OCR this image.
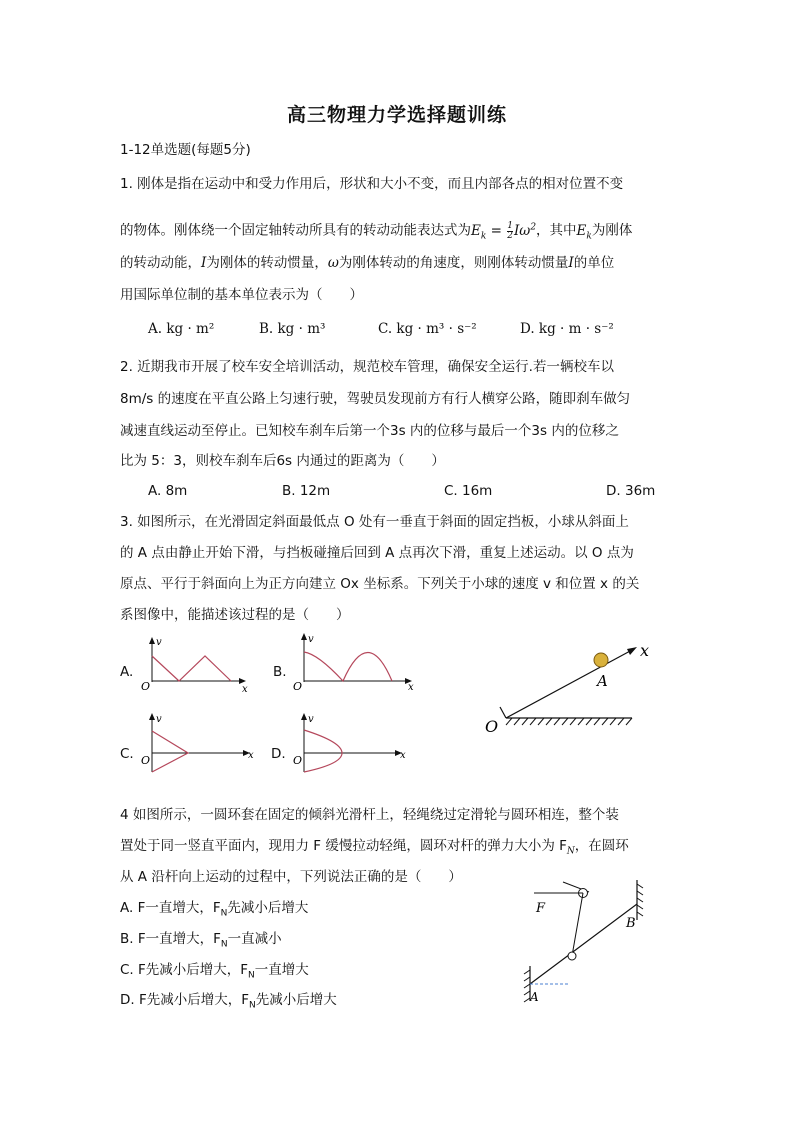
高三物理力学选择题训练
1-12单选题(每题5分)
1. 刚体是指在运动中和受力作用后，形状和大小不变，而且内部各点的相对位置不变
的物体。刚体绕一个固定轴转动所具有的转动动能表达式为$E_k = \frac{1}{2} I\omega^2$，其中$E_k$为刚体
的转动动能，I为刚体的转动惯量，ω为刚体转动的角速度，则刚体转动惯量I的单位
用国际单位制的基本单位表示为（　　）
A. kg · m²	B. kg · m³	C. kg · m³ · s⁻²	D. kg · m · s⁻²
2. 近期我市开展了校车安全培训活动，规范校车管理，确保安全运行.若一辆校车以
8m/s 的速度在平直公路上匀速行驶，驾驶员发现前方有行人横穿公路，随即刹车做匀
减速直线运动至停止。已知校车刹车后第一个3s 内的位移与最后一个3s 内的位移之
比为 5：3，则校车刹车后6s 内通过的距离为（　　）
A. 8m	B. 12m	C. 16m	D. 36m
3. 如图所示，在光滑固定斜面最低点 O 处有一垂直于斜面的固定挡板，小球从斜面上
的 A 点由静止开始下滑，与挡板碰撞后回到 A 点再次下滑，重复上述运动。以 O 点为
原点、平行于斜面向上为正方向建立 Ox 坐标系。下列关于小球的速度 v 和位置 x 的关
系图像中，能描述该过程的是（　　）
A.
v
O	x
B.
v
O	x
C.
v
O	x D.
v
O	x
O
A
x
4 如图所示，一圆环套在固定的倾斜光滑杆上，轻绳绕过定滑轮与圆环相连，整个装
置处于同一竖直平面内，现用力 F 缓慢拉动轻绳，圆环对杆的弹力大小为 $F_N$，在圆环
从 A 沿杆向上运动的过程中，下列说法正确的是（　　）
A. F一直增大，$F_N$先减小后增大
B. F一直增大，$F_N$一直减小
C. F先减小后增大，$F_N$一直增大
D. F先减小后增大，$F_N$先减小后增大
F
A
B
